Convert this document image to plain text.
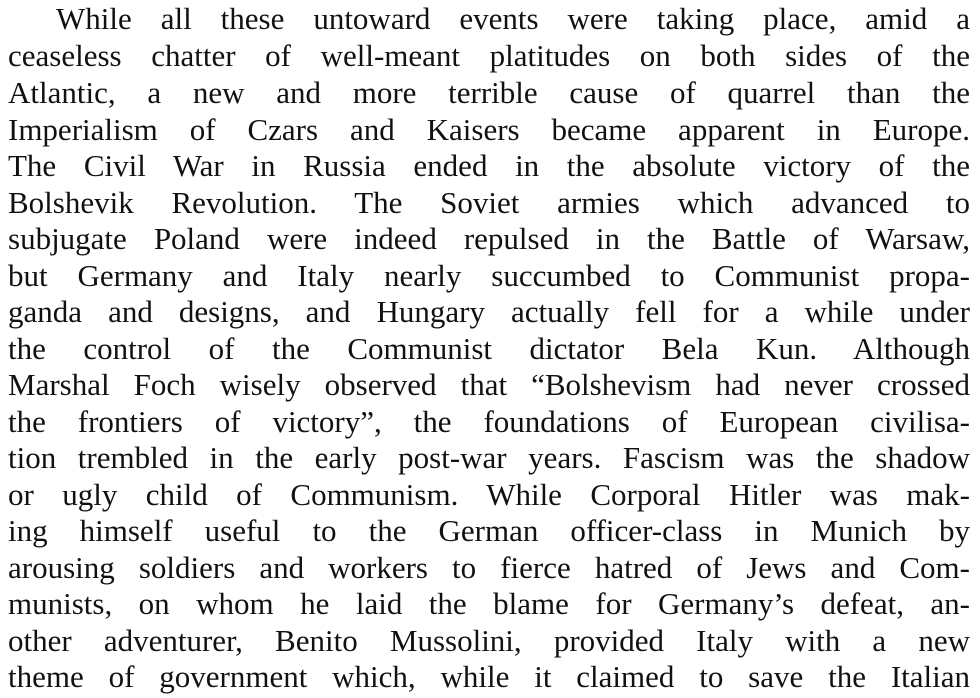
While all these untoward events were taking place, amid a
ceaseless chatter of well-meant platitudes on both sides of the
Atlantic, a new and more terrible cause of quarrel than the
Imperialism of Czars and Kaisers became apparent in Europe.
The Civil War in Russia ended in the absolute victory of the
Bolshevik Revolution. The Soviet armies which advanced to
subjugate Poland were indeed repulsed in the Battle of Warsaw,
but Germany and Italy nearly succumbed to Communist propa-
ganda and designs, and Hungary actually fell for a while under
the control of the Communist dictator Bela Kun. Although
Marshal Foch wisely observed that “Bolshevism had never crossed
the frontiers of victory”, the foundations of European civilisa-
tion trembled in the early post-war years. Fascism was the shadow
or ugly child of Communism. While Corporal Hitler was mak-
ing himself useful to the German officer-class in Munich by
arousing soldiers and workers to fierce hatred of Jews and Com-
munists, on whom he laid the blame for Germany’s defeat, an-
other adventurer, Benito Mussolini, provided Italy with a new
theme of government which, while it claimed to save the Italian
